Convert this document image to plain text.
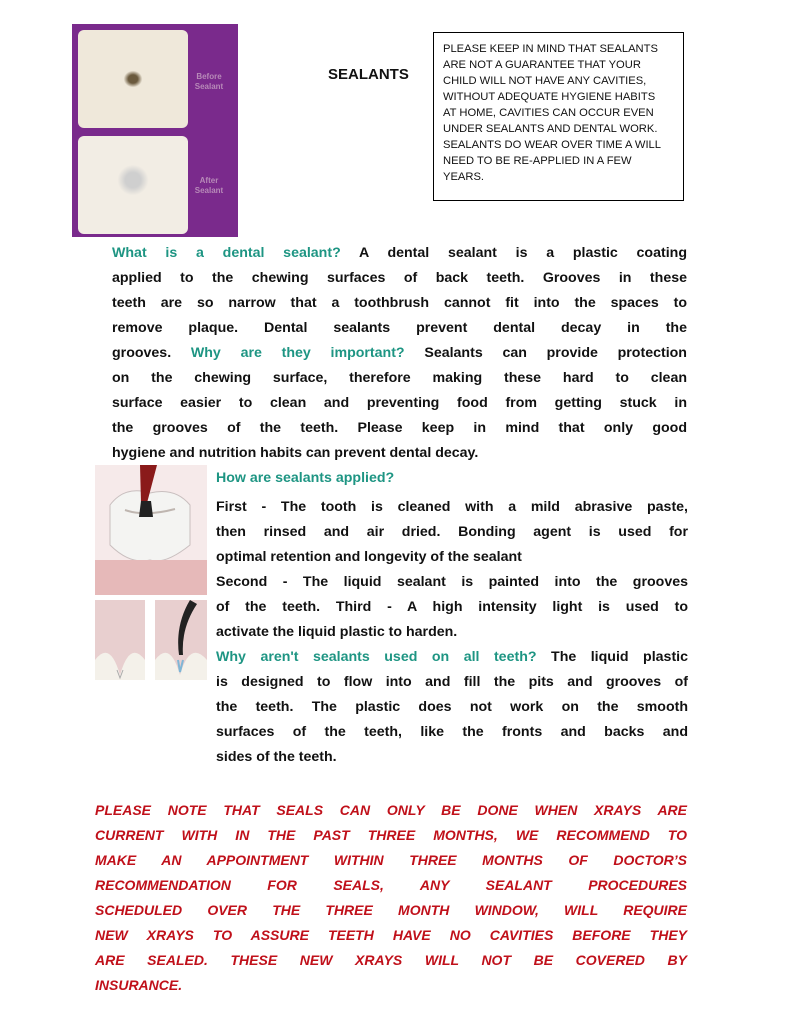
Before
Sealant
After
Sealant
SEALANTS
PLEASE KEEP IN MIND THAT SEALANTS
ARE NOT A GUARANTEE THAT YOUR
CHILD WILL NOT HAVE ANY CAVITIES,
WITHOUT ADEQUATE HYGIENE HABITS
AT HOME, CAVITIES CAN OCCUR EVEN
UNDER SEALANTS AND DENTAL WORK.
SEALANTS DO WEAR OVER TIME A WILL
NEED TO BE RE-APPLIED IN A FEW
YEARS.
What is a dental sealant? A dental sealant is a plastic coating
applied to the chewing surfaces of back teeth. Grooves in these
teeth are so narrow that a toothbrush cannot fit into the spaces to
remove plaque. Dental sealants prevent dental decay in the
grooves. Why are they important? Sealants can provide protection
on the chewing surface, therefore making these hard to clean
surface easier to clean and preventing food from getting stuck in
the grooves of the teeth. Please keep in mind that only good
hygiene and nutrition habits can prevent dental decay.
How are sealants applied?
First - The tooth is cleaned with a mild abrasive paste,
then rinsed and air dried. Bonding agent is used for
optimal retention and longevity of the sealant
Second - The liquid sealant is painted into the grooves
of the teeth. Third - A high intensity light is used to
activate the liquid plastic to harden.
Why aren't sealants used on all teeth? The liquid plastic
is designed to flow into and fill the pits and grooves of
the teeth. The plastic does not work on the smooth
surfaces of the teeth, like the fronts and backs and
sides of the teeth.
PLEASE NOTE THAT SEALS CAN ONLY BE DONE WHEN XRAYS ARE
CURRENT WITH IN THE PAST THREE MONTHS, WE RECOMMEND TO
MAKE AN APPOINTMENT WITHIN THREE MONTHS OF DOCTOR’S
RECOMMENDATION FOR SEALS, ANY SEALANT PROCEDURES
SCHEDULED OVER THE THREE MONTH WINDOW, WILL REQUIRE
NEW XRAYS TO ASSURE TEETH HAVE NO CAVITIES BEFORE THEY
ARE SEALED. THESE NEW XRAYS WILL NOT BE COVERED BY
INSURANCE.
